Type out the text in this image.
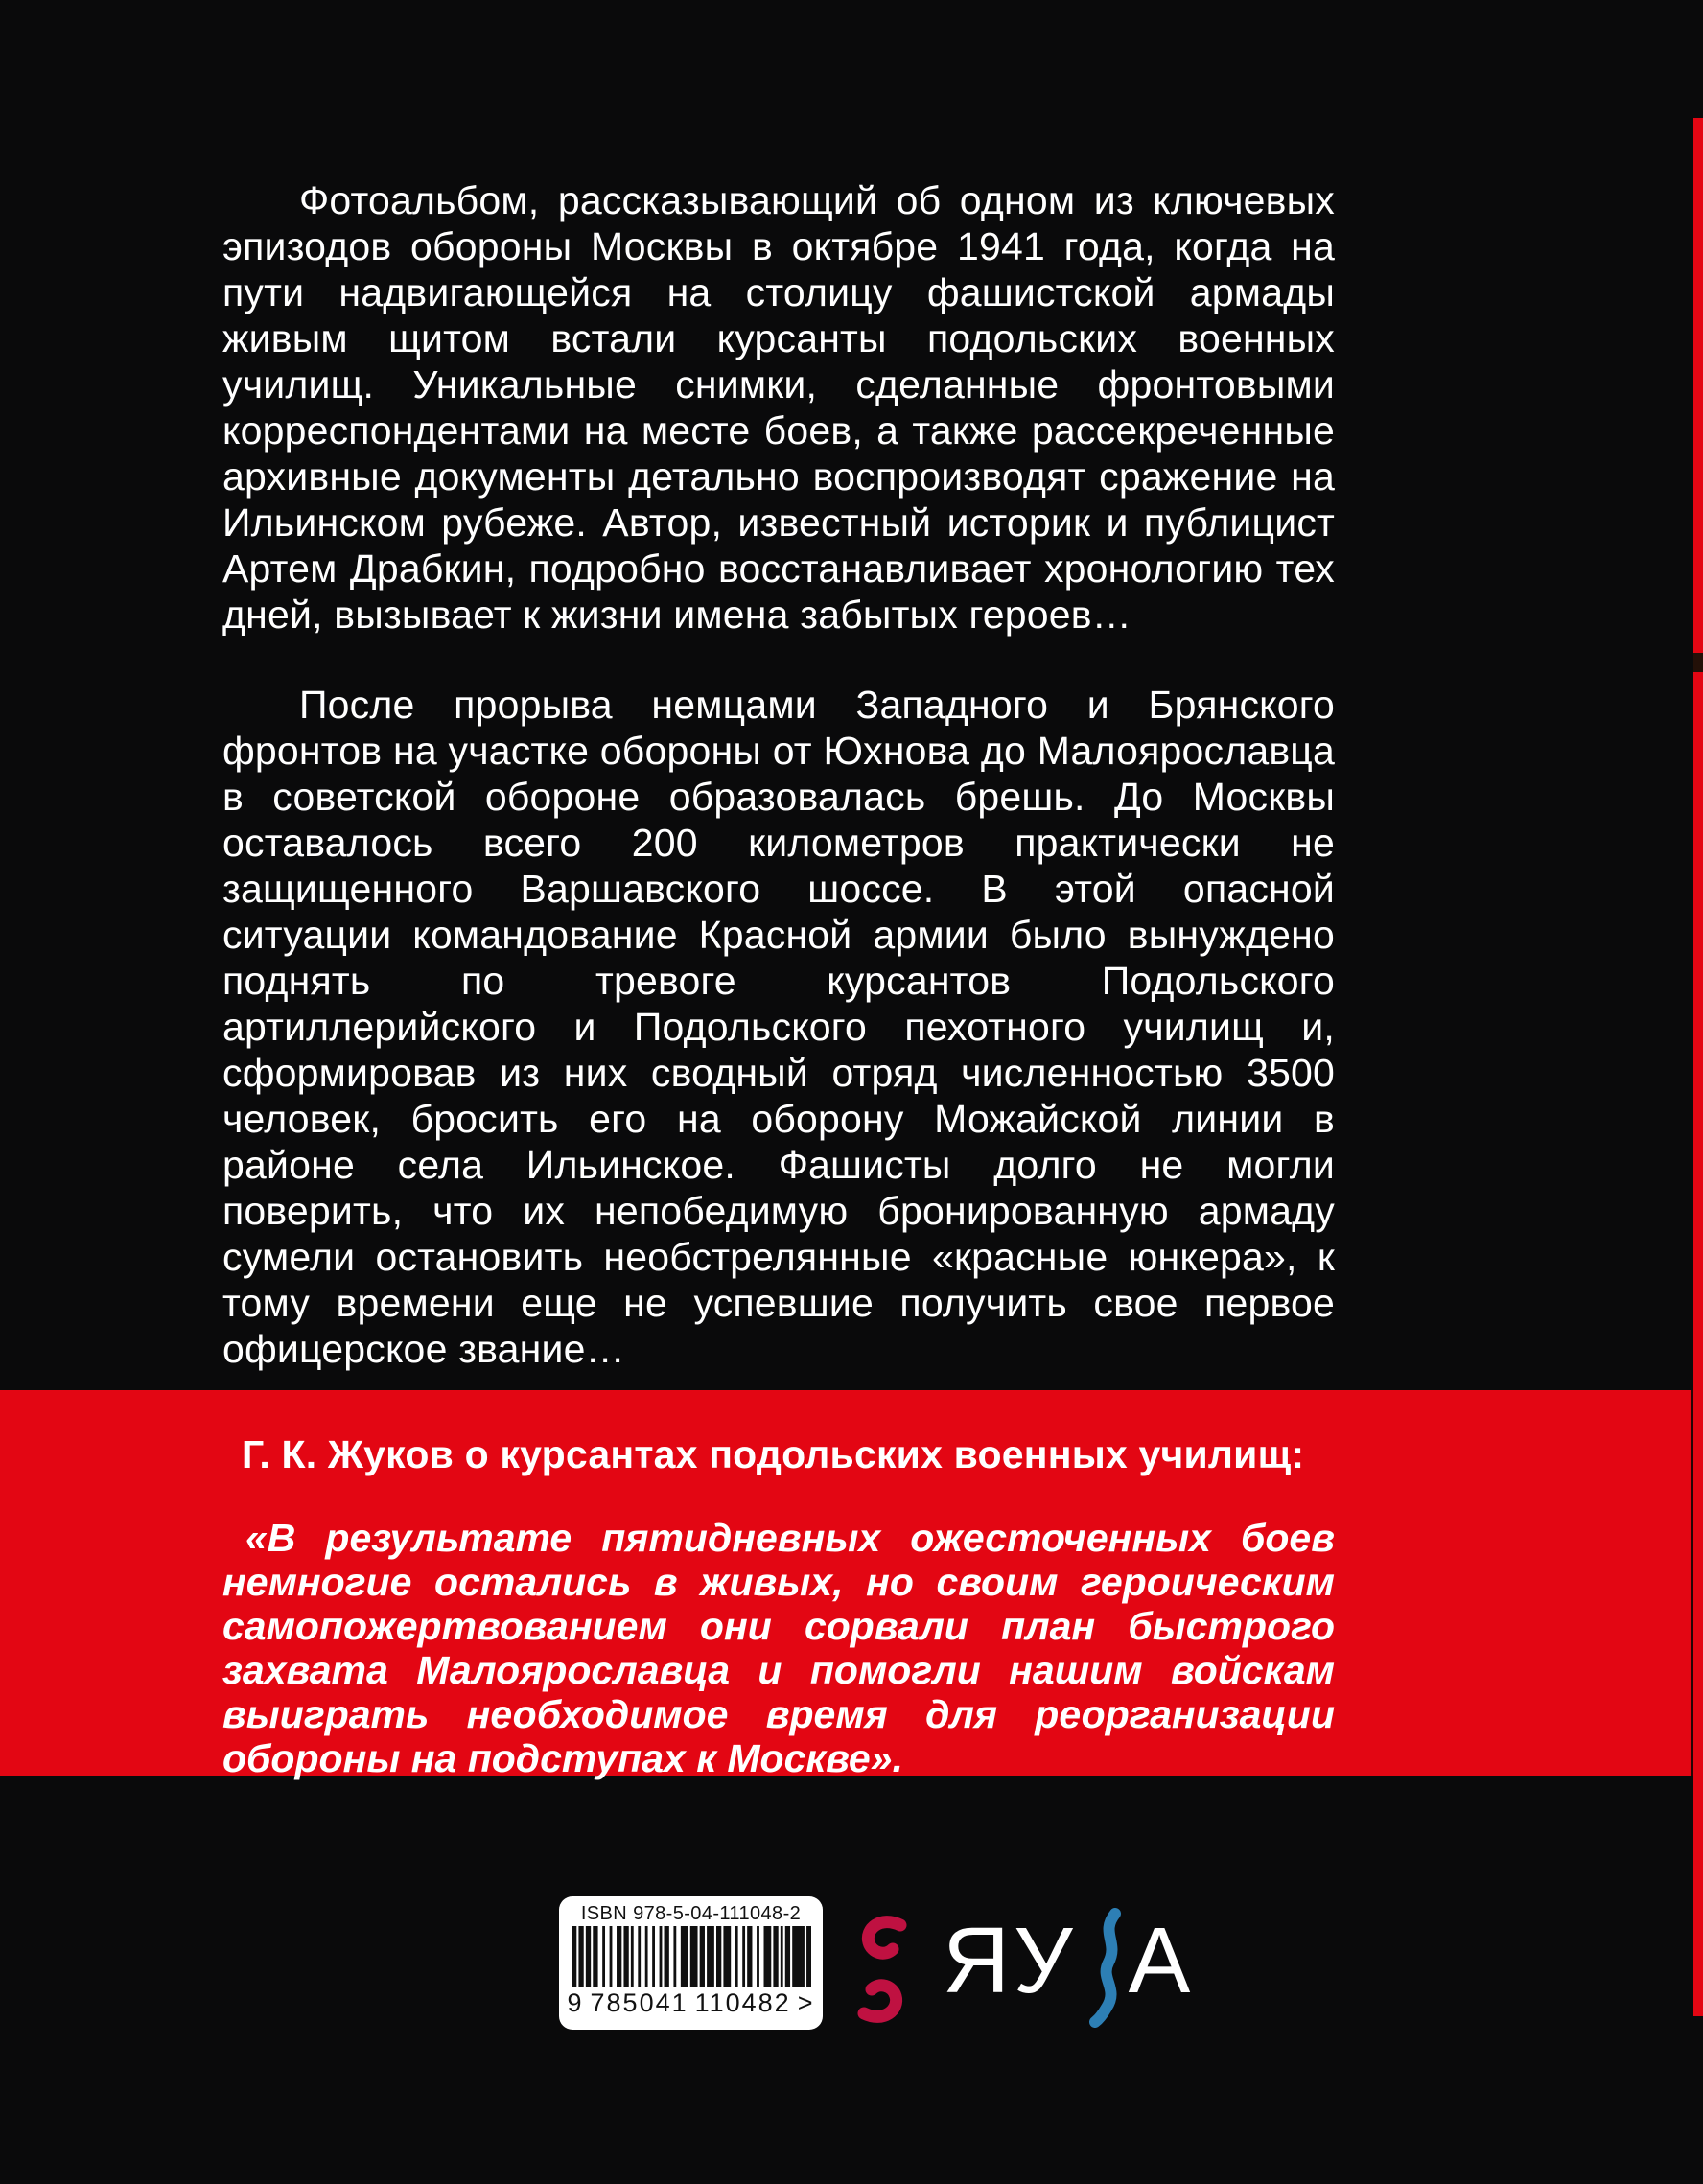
Фотоальбом, рассказывающий об одном из ключевых эпизодов обороны Москвы в октябре 1941 года, когда на пути надвигающейся на столицу фашистской армады живым щитом встали курсанты подольских военных училищ. Уникальные снимки, сделанные фронтовыми корреспондентами на месте боев, а также рассекреченные архивные документы детально воспроизводят сражение на Ильинском рубеже. Автор, известный историк и публицист Артем Драбкин, подробно восстанавливает хронологию тех дней, вызывает к жизни имена забытых героев…

После прорыва немцами Западного и Брянского фронтов на участке обороны от Юхнова до Малоярославца в советской обороне образовалась брешь. До Москвы оставалось всего 200 километров практически не защищенного Варшавского шоссе. В этой опасной ситуации командование Красной армии было вынуждено поднять по тревоге курсантов Подольского артиллерийского и Подольского пехотного училищ и, сформировав из них сводный отряд численностью 3500 человек, бросить его на оборону Можайской линии в районе села Ильинское. Фашисты долго не могли поверить, что их непобедимую бронированную армаду сумели остановить необстрелянные «красные юнкера», к тому времени еще не успевшие получить свое первое офицерское звание…

Г. К. Жуков о курсантах подольских военных училищ:

«В результате пятидневных ожесточенных боев немногие остались в живых, но своим героическим самопожертвованием они сорвали план быстрого захвата Малоярославца и помогли нашим войскам выиграть необходимое время для реорганизации обороны на подступах к Москве».

ISBN 978-5-04-111048-2
9 785041 110482 > ЯУ А
